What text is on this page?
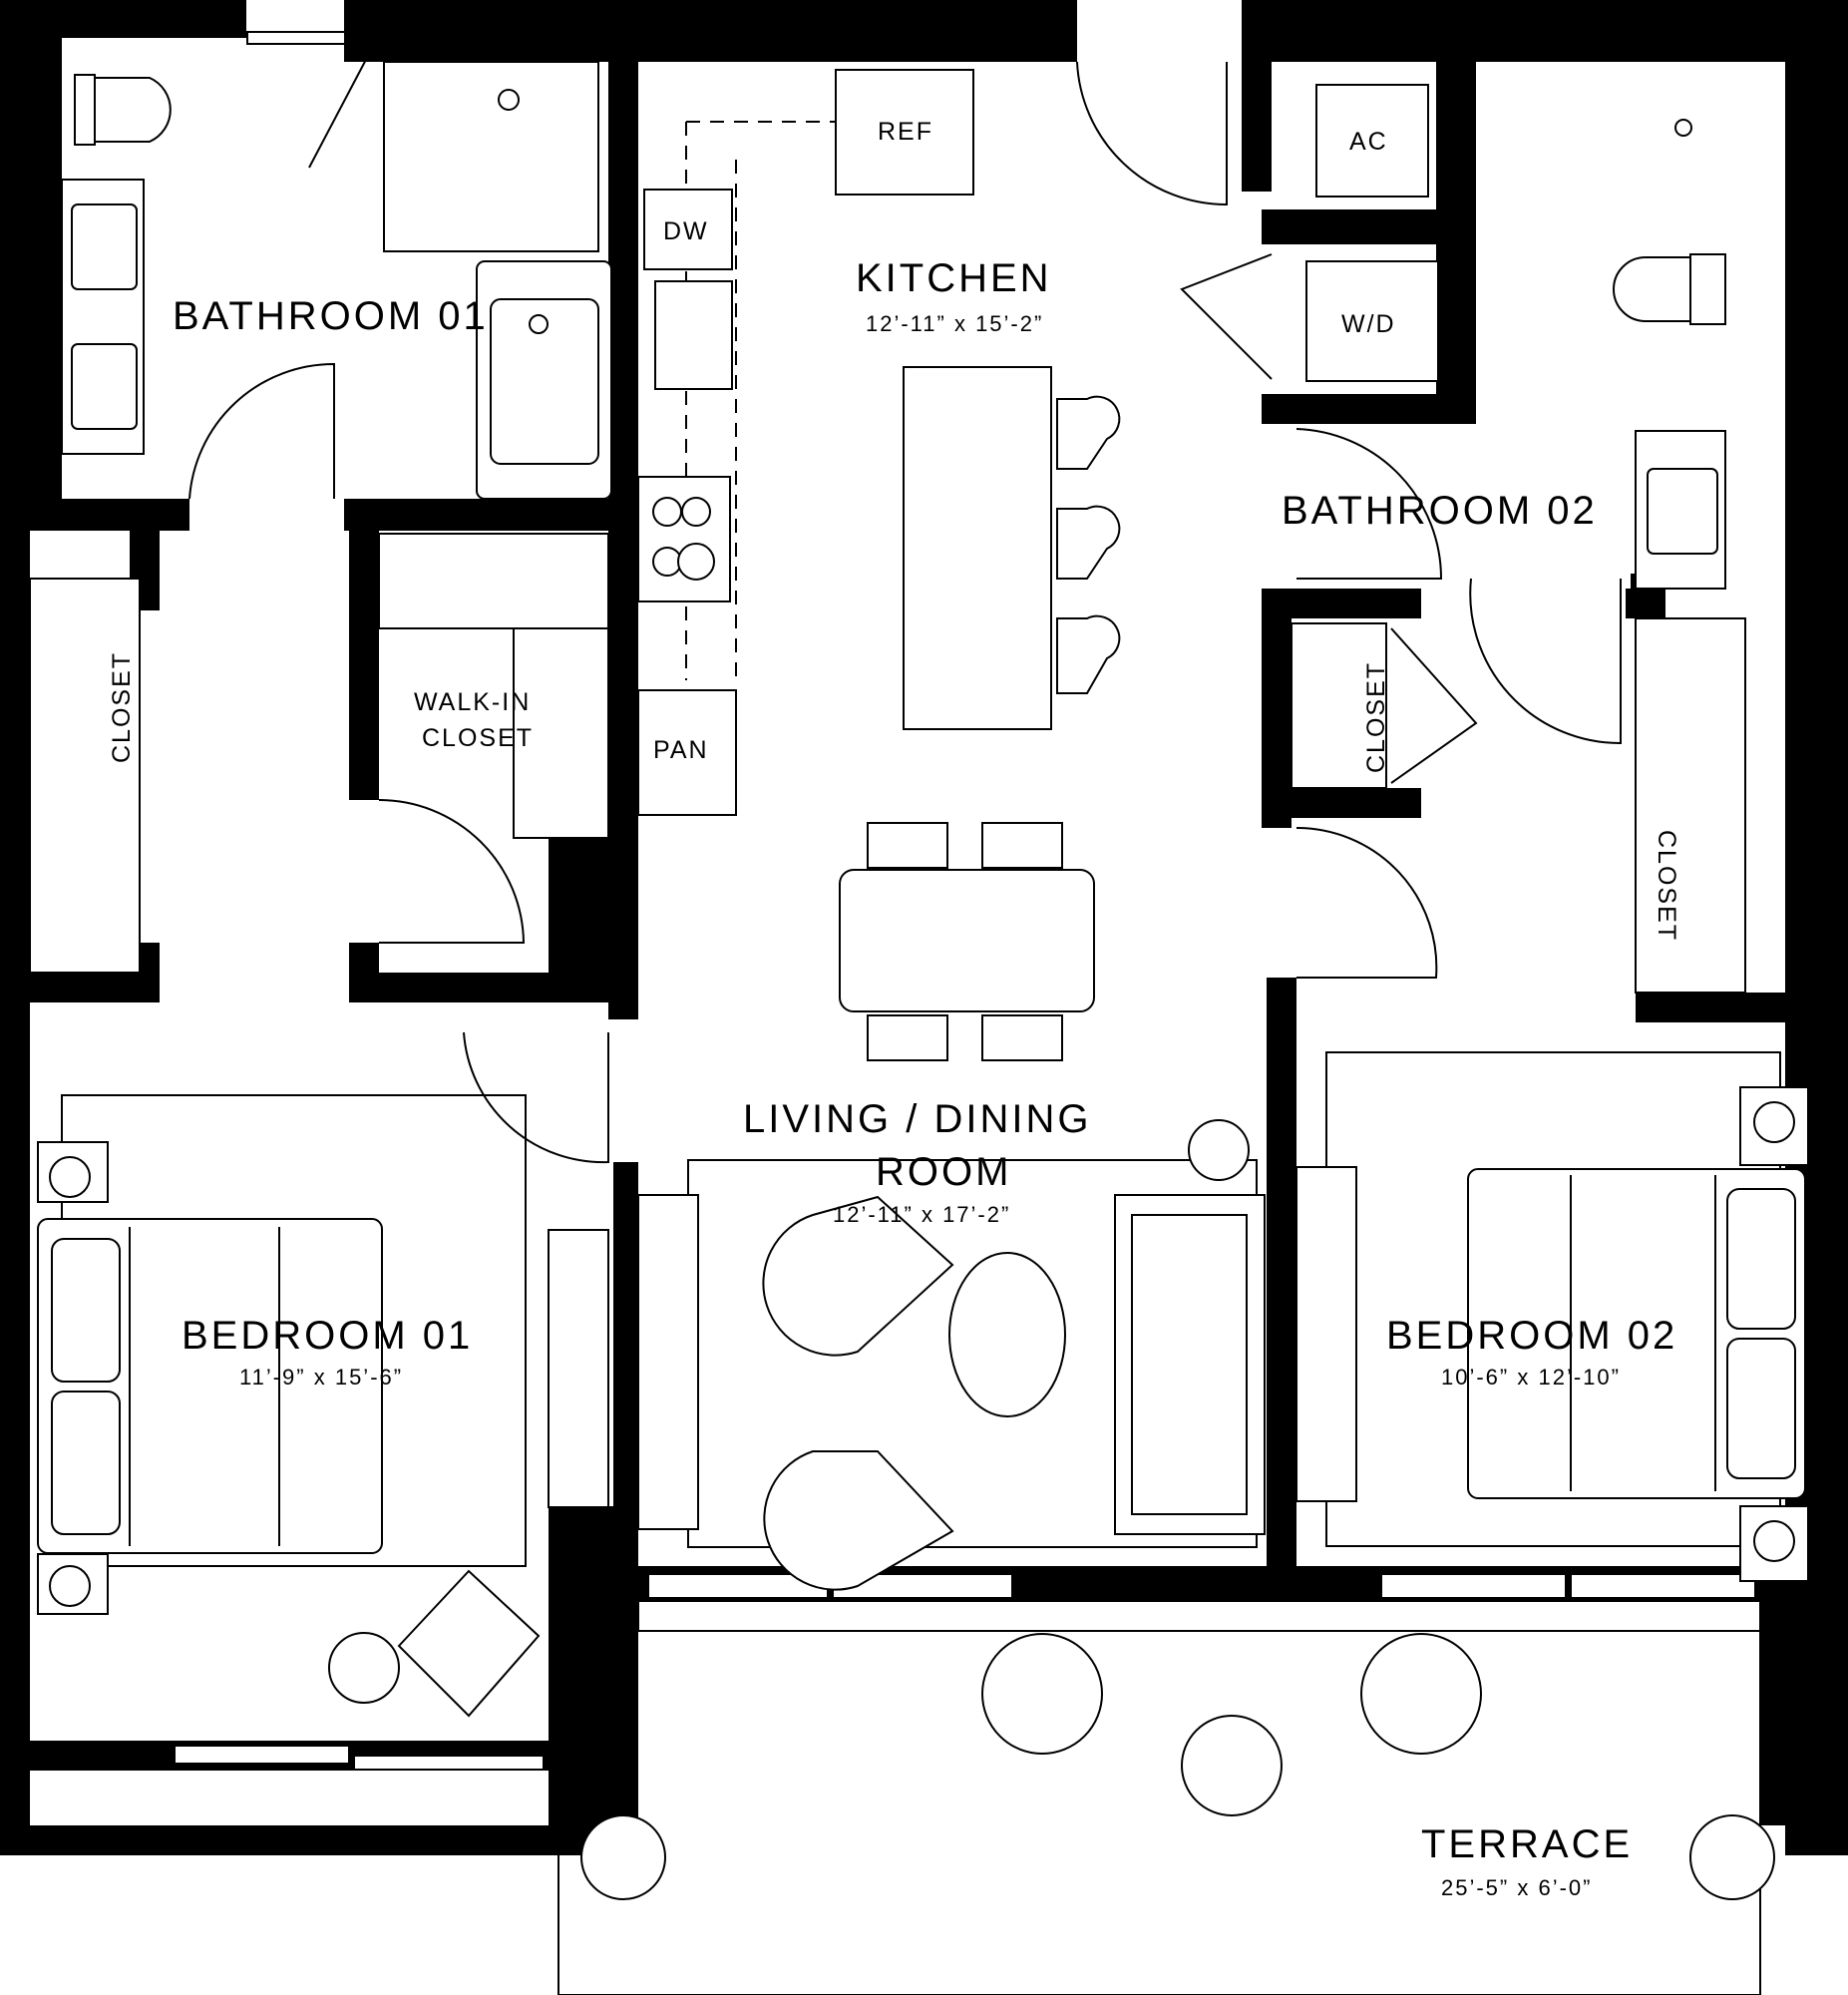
BATHROOM 01
KITCHEN
12’-11” x 15’-2”
BATHROOM 02
WALK-IN
CLOSET
LIVING / DINING
ROOM
12’-11” x 17’-2”
BEDROOM 01
11’-9” x 15’-6”
BEDROOM 02
10’-6” x 12’-10”
TERRACE
25’-5” x 6’-0”
REF
DW
PAN
AC
W/D
CLOSET	CLOSET
CLOSET
